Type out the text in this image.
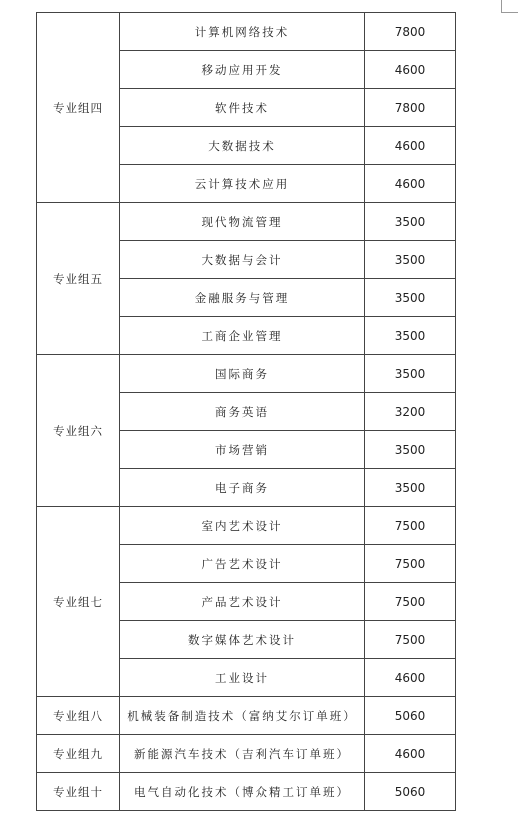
专业组四	计算机网络技术	7800
	移动应用开发	4600
	软件技术	7800
	大数据技术	4600
	云计算技术应用	4600
专业组五	现代物流管理	3500
	大数据与会计	3500
	金融服务与管理	3500
	工商企业管理	3500
专业组六	国际商务	3500
	商务英语	3200
	市场营销	3500
	电子商务	3500
专业组七	室内艺术设计	7500
	广告艺术设计	7500
	产品艺术设计	7500
	数字媒体艺术设计	7500
	工业设计	4600
专业组八	机械装备制造技术（富纳艾尔订单班）	5060
专业组九	新能源汽车技术（吉利汽车订单班）	4600
专业组十	电气自动化技术（博众精工订单班）	5060
